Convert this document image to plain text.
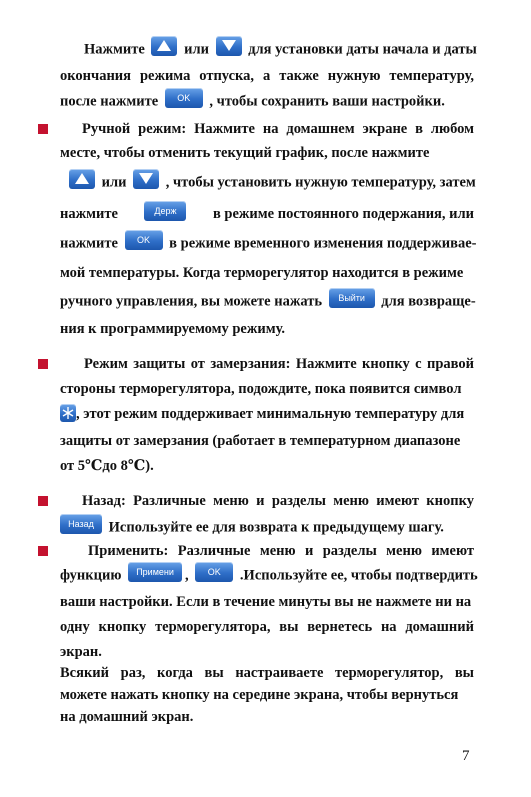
Нажмите	или	для установки даты начала и даты
окончания режима отпуска, а также нужную температуру,
после нажмите OK , чтобы сохранить ваши настройки.
Ручной режим: Нажмите на домашнем экране в любом
месте, чтобы отменить текущий график, после нажмите
или	, чтобы установить нужную температуру, затем
нажмите	Держ	в режиме постоянного подержания, или
нажмите OK в режиме временного изменения поддерживае-
мой температуры. Когда терморегулятор находится в режиме
ручного управления, вы можете нажать Выйти для возвраще-
ния к программируемому режиму.
Режим защиты от замерзания: Нажмите кнопку с правой
стороны терморегулятора, подождите, пока появится символ
, этот режим поддерживает минимальную температуру для
защиты от замерзания (работает в температурном диапазоне
от 5℃до 8℃).
Назад: Различные меню и разделы меню имеют кнопку
Назад Используйте ее для возврата к предыдущему шагу.
Применить: Различные меню и разделы меню имеют
функцию Примени , OK .Используйте ее, чтобы подтвердить
ваши настройки. Если в течение минуты вы не нажмете ни на
одну кнопку терморегулятора, вы вернетесь на домашний
экран.
Всякий раз, когда вы настраиваете терморегулятор, вы
можете нажать кнопку на середине экрана, чтобы вернуться
на домашний экран.
7
